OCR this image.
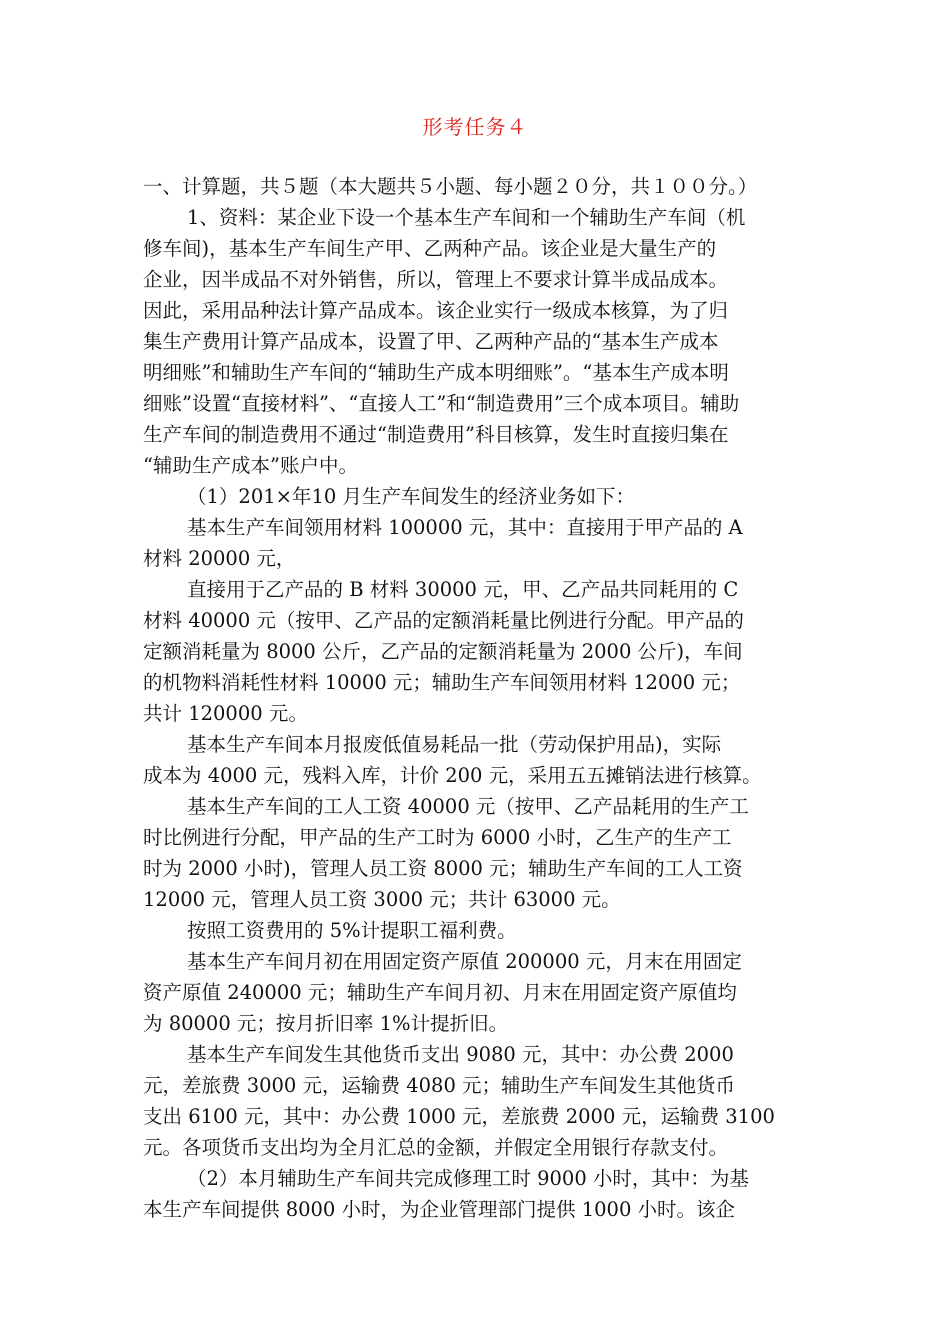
形考任务４
一、计算题，共５题（本大题共５小题、每小题２０分，共１００分。）
1、资料：某企业下设一个基本生产车间和一个辅助生产车间（机
修车间)，基本生产车间生产甲、乙两种产品。该企业是大量生产的
企业，因半成品不对外销售，所以，管理上不要求计算半成品成本。
因此，采用品种法计算产品成本。该企业实行一级成本核算，为了归
集生产费用计算产品成本，设置了甲、乙两种产品的“基本生产成本
明细账”和辅助生产车间的“辅助生产成本明细账”。“基本生产成本明
细账”设置“直接材料”、“直接人工”和“制造费用”三个成本项目。辅助
生产车间的制造费用不通过“制造费用”科目核算，发生时直接归集在
“辅助生产成本”账户中。
（1）201×年10 月生产车间发生的经济业务如下：
基本生产车间领用材料 100000 元，其中：直接用于甲产品的 A
材料 20000 元，
直接用于乙产品的 B 材料 30000 元，甲、乙产品共同耗用的 C
材料 40000 元（按甲、乙产品的定额消耗量比例进行分配。甲产品的
定额消耗量为 8000 公斤，乙产品的定额消耗量为 2000 公斤)，车间
的机物料消耗性材料 10000 元；辅助生产车间领用材料 12000 元；
共计 120000 元。
基本生产车间本月报废低值易耗品一批（劳动保护用品)，实际
成本为 4000 元，残料入库，计价 200 元，采用五五摊销法进行核算。
基本生产车间的工人工资 40000 元（按甲、乙产品耗用的生产工
时比例进行分配，甲产品的生产工时为 6000 小时，乙生产的生产工
时为 2000 小时)，管理人员工资 8000 元；辅助生产车间的工人工资
12000 元，管理人员工资 3000 元；共计 63000 元。
按照工资费用的 5%计提职工福利费。
基本生产车间月初在用固定资产原值 200000 元，月末在用固定
资产原值 240000 元；辅助生产车间月初、月末在用固定资产原值均
为 80000 元；按月折旧率 1%计提折旧。
基本生产车间发生其他货币支出 9080 元，其中：办公费 2000
元，差旅费 3000 元，运输费 4080 元；辅助生产车间发生其他货币
支出 6100 元，其中：办公费 1000 元，差旅费 2000 元，运输费 3100
元。各项货币支出均为全月汇总的金额，并假定全用银行存款支付。
（2）本月辅助生产车间共完成修理工时 9000 小时，其中：为基
本生产车间提供 8000 小时，为企业管理部门提供 1000 小时。该企
